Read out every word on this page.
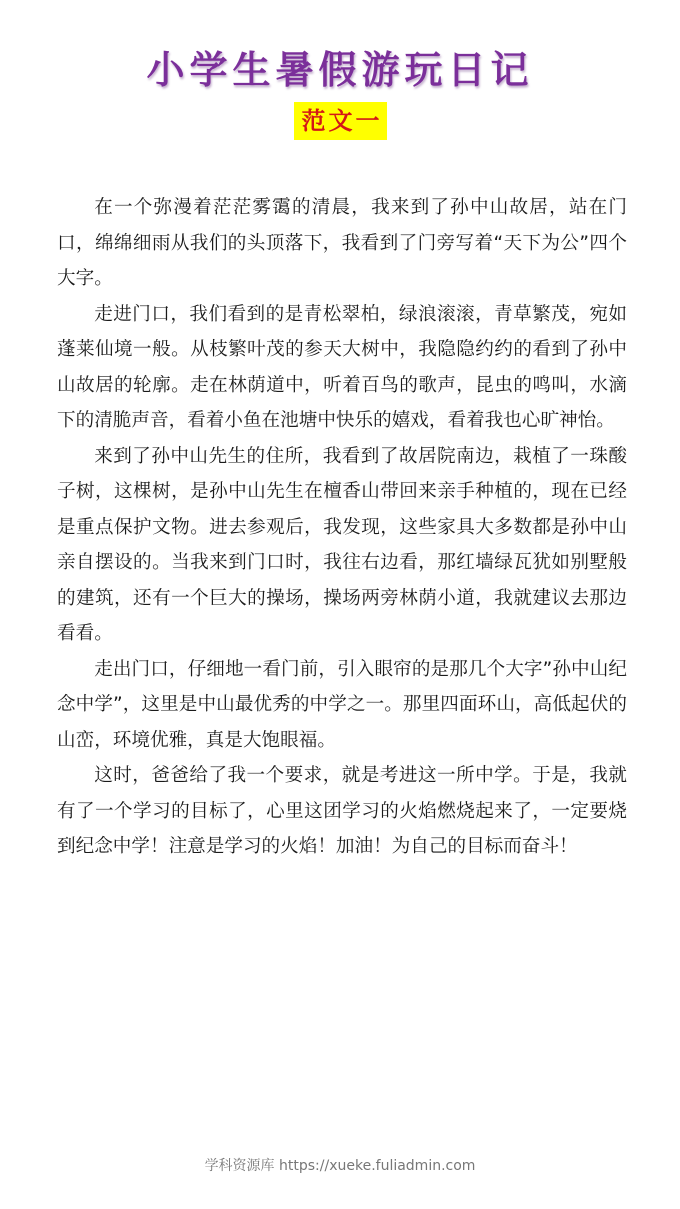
小学生暑假游玩日记
范文一

在一个弥漫着茫茫雾霭的清晨，我来到了孙中山故居，站在门口，绵绵细雨从我们的头顶落下，我看到了门旁写着“天下为公”四个大字。

走进门口，我们看到的是青松翠柏，绿浪滚滚，青草繁茂，宛如蓬莱仙境一般。从枝繁叶茂的参天大树中，我隐隐约约的看到了孙中山故居的轮廓。走在林荫道中，听着百鸟的歌声，昆虫的鸣叫，水滴下的清脆声音，看着小鱼在池塘中快乐的嬉戏，看着我也心旷神怡。

来到了孙中山先生的住所，我看到了故居院南边，栽植了一珠酸子树，这棵树，是孙中山先生在檀香山带回来亲手种植的，现在已经是重点保护文物。进去参观后，我发现，这些家具大多数都是孙中山亲自摆设的。当我来到门口时，我往右边看，那红墙绿瓦犹如别墅般的建筑，还有一个巨大的操场，操场两旁林荫小道，我就建议去那边看看。

走出门口，仔细地一看门前，引入眼帘的是那几个大字”孙中山纪念中学”，这里是中山最优秀的中学之一。那里四面环山，高低起伏的山峦，环境优雅，真是大饱眼福。

这时，爸爸给了我一个要求，就是考进这一所中学。于是，我就有了一个学习的目标了，心里这团学习的火焰燃烧起来了，一定要烧到纪念中学！注意是学习的火焰！加油！为自己的目标而奋斗！

学科资源库 https://xueke.fuliadmin.com
